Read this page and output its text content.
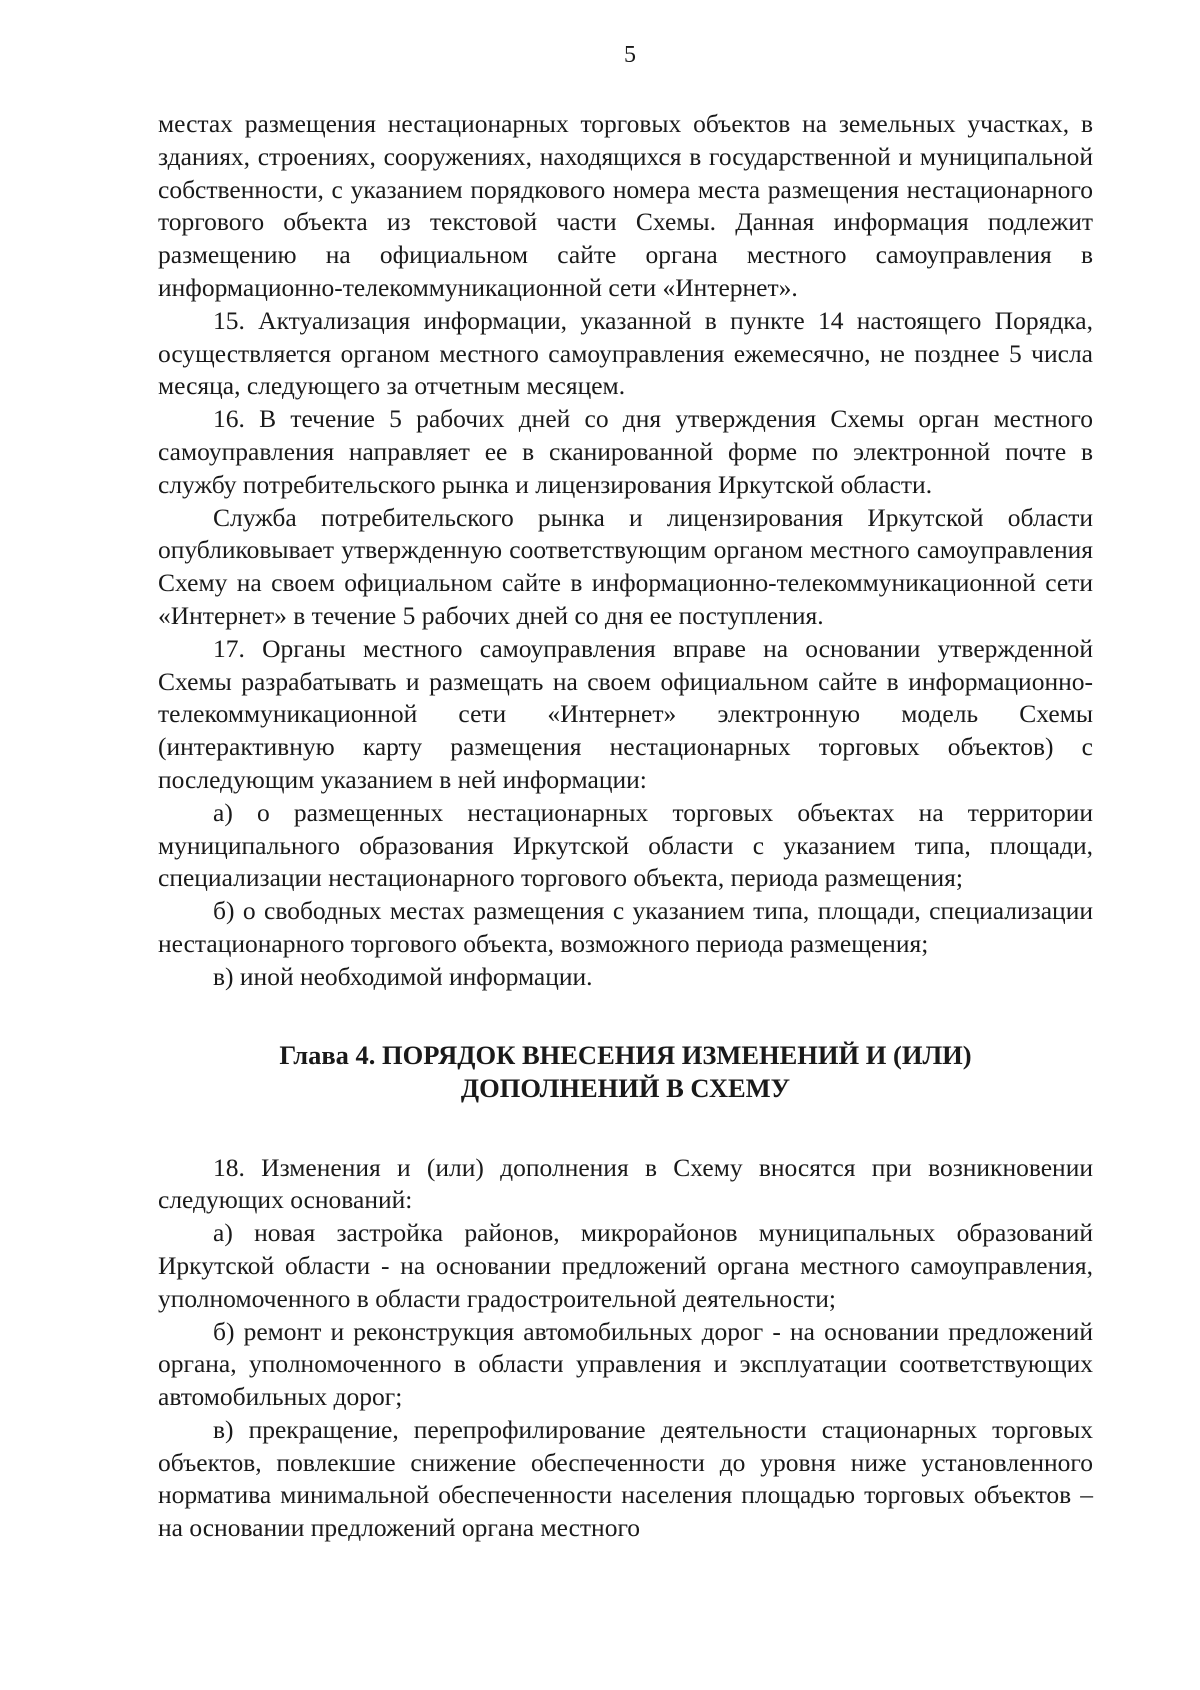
5

местах размещения нестационарных торговых объектов на земельных участках, в зданиях, строениях, сооружениях, находящихся в государственной и муниципальной собственности, с указанием порядкового номера места размещения нестационарного торгового объекта из текстовой части Схемы. Данная информация подлежит размещению на официальном сайте органа местного самоуправления в информационно-телекоммуникационной сети «Интернет».

15. Актуализация информации, указанной в пункте 14 настоящего Порядка, осуществляется органом местного самоуправления ежемесячно, не позднее 5 числа месяца, следующего за отчетным месяцем.

16. В течение 5 рабочих дней со дня утверждения Схемы орган местного самоуправления направляет ее в сканированной форме по электронной почте в службу потребительского рынка и лицензирования Иркутской области.

Служба потребительского рынка и лицензирования Иркутской области опубликовывает утвержденную соответствующим органом местного самоуправления Схему на своем официальном сайте в информационно-телекоммуникационной сети «Интернет» в течение 5 рабочих дней со дня ее поступления.

17. Органы местного самоуправления вправе на основании утвержденной Схемы разрабатывать и размещать на своем официальном сайте в информационно-телекоммуникационной сети «Интернет» электронную модель Схемы (интерактивную карту размещения нестационарных торговых объектов) с последующим указанием в ней информации:

а) о размещенных нестационарных торговых объектах на территории муниципального образования Иркутской области с указанием типа, площади, специализации нестационарного торгового объекта, периода размещения;

б) о свободных местах размещения с указанием типа, площади, специализации нестационарного торгового объекта, возможного периода размещения;

в) иной необходимой информации.

Глава 4. ПОРЯДОК ВНЕСЕНИЯ ИЗМЕНЕНИЙ И (ИЛИ)
ДОПОЛНЕНИЙ В СХЕМУ

18. Изменения и (или) дополнения в Схему вносятся при возникновении следующих оснований:

а) новая застройка районов, микрорайонов муниципальных образований Иркутской области - на основании предложений органа местного самоуправления, уполномоченного в области градостроительной деятельности;

б) ремонт и реконструкция автомобильных дорог - на основании предложений органа, уполномоченного в области управления и эксплуатации соответствующих автомобильных дорог;

в) прекращение, перепрофилирование деятельности стационарных торговых объектов, повлекшие снижение обеспеченности до уровня ниже установленного норматива минимальной обеспеченности населения площадью торговых объектов – на основании предложений органа местного
